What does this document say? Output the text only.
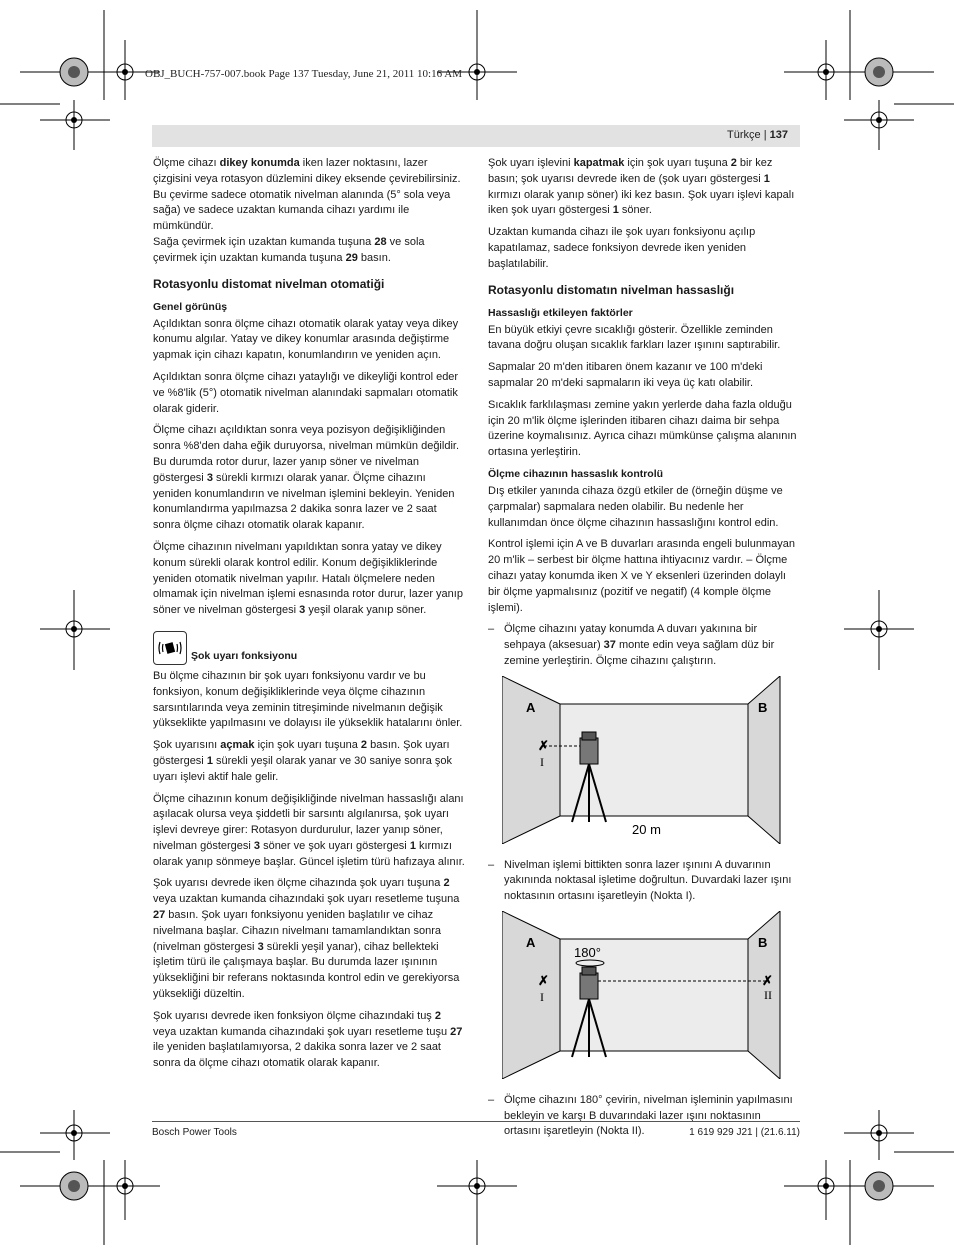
OBJ_BUCH-757-007.book Page 137 Tuesday, June 21, 2011 10:16 AM
Türkçe | 137

Ölçme cihazı dikey konumda iken lazer noktasını, lazer çizgisini veya rotasyon düzlemini dikey eksende çevirebilirsiniz. Bu çevirme sadece otomatik nivelman alanında (5° sola veya sağa) ve sadece uzaktan kumanda cihazı yardımı ile mümkündür.
Sağa çevirmek için uzaktan kumanda tuşuna 28 ve sola çevirmek için uzaktan kumanda tuşuna 29 basın.

Rotasyonlu distomat nivelman otomatiği
Genel görünüş

Açıldıktan sonra ölçme cihazı otomatik olarak yatay veya dikey konumu algılar. Yatay ve dikey konumlar arasında değiştirme yapmak için cihazı kapatın, konumlandırın ve yeniden açın.

Açıldıktan sonra ölçme cihazı yataylığı ve dikeyliği kontrol eder ve %8'lik (5°) otomatik nivelman alanındaki sapmaları otomatik olarak giderir.

Ölçme cihazı açıldıktan sonra veya pozisyon değişikliğinden sonra %8'den daha eğik duruyorsa, nivelman mümkün değildir. Bu durumda rotor durur, lazer yanıp söner ve nivelman göstergesi 3 sürekli kırmızı olarak yanar. Ölçme cihazını yeniden konumlandırın ve nivelman işlemini bekleyin. Yeniden konumlandırma yapılmazsa 2 dakika sonra lazer ve 2 saat sonra ölçme cihazı otomatik olarak kapanır.

Ölçme cihazının nivelmanı yapıldıktan sonra yatay ve dikey konum sürekli olarak kontrol edilir. Konum değişikliklerinde yeniden otomatik nivelman yapılır. Hatalı ölçmelere neden olmamak için nivelman işlemi esnasında rotor durur, lazer yanıp söner ve nivelman göstergesi 3 yeşil olarak yanıp söner.

Şok uyarı fonksiyonu

Bu ölçme cihazının bir şok uyarı fonksiyonu vardır ve bu fonksiyon, konum değişikliklerinde veya ölçme cihazının sarsıntılarında veya zeminin titreşiminde nivelmanın değişik yükseklikte yapılmasını ve dolayısı ile yükseklik hatalarını önler.

Şok uyarısını açmak için şok uyarı tuşuna 2 basın. Şok uyarı göstergesi 1 sürekli yeşil olarak yanar ve 30 saniye sonra şok uyarı işlevi aktif hale gelir.

Ölçme cihazının konum değişikliğinde nivelman hassaslığı alanı aşılacak olursa veya şiddetli bir sarsıntı algılanırsa, şok uyarı işlevi devreye girer: Rotasyon durdurulur, lazer yanıp söner, nivelman göstergesi 3 söner ve şok uyarı göstergesi 1 kırmızı olarak yanıp sönmeye başlar. Güncel işletim türü hafızaya alınır.

Şok uyarısı devrede iken ölçme cihazında şok uyarı tuşuna 2 veya uzaktan kumanda cihazındaki şok uyarı resetleme tuşuna 27 basın. Şok uyarı fonksiyonu yeniden başlatılır ve cihaz nivelmana başlar. Cihazın nivelmanı tamamlandıktan sonra (nivelman göstergesi 3 sürekli yeşil yanar), cihaz bellekteki işletim türü ile çalışmaya başlar. Bu durumda lazer ışınının yüksekliğini bir referans noktasında kontrol edin ve gerekiyorsa yüksekliği düzeltin.

Şok uyarısı devrede iken fonksiyon ölçme cihazındaki tuş 2 veya uzaktan kumanda cihazındaki şok uyarı resetleme tuşu 27 ile yeniden başlatılamıyorsa, 2 dakika sonra lazer ve 2 saat sonra da ölçme cihazı otomatik olarak kapanır.

Şok uyarı işlevini kapatmak için şok uyarı tuşuna 2 bir kez basın; şok uyarısı devrede iken de (şok uyarı göstergesi 1 kırmızı olarak yanıp söner) iki kez basın. Şok uyarı işlevi kapalı iken şok uyarı göstergesi 1 söner.

Uzaktan kumanda cihazı ile şok uyarı fonksiyonu açılıp kapatılamaz, sadece fonksiyon devrede iken yeniden başlatılabilir.

Rotasyonlu distomatın nivelman hassaslığı
Hassaslığı etkileyen faktörler

En büyük etkiyi çevre sıcaklığı gösterir. Özellikle zeminden tavana doğru oluşan sıcaklık farkları lazer ışınını saptırabilir.

Sapmalar 20 m'den itibaren önem kazanır ve 100 m'deki sapmalar 20 m'deki sapmaların iki veya üç katı olabilir.

Sıcaklık farklılaşması zemine yakın yerlerde daha fazla olduğu için 20 m'lik ölçme işlerinden itibaren cihazı daima bir sehpa üzerine koymalısınız. Ayrıca cihazı mümkünse çalışma alanının ortasına yerleştirin.

Ölçme cihazının hassaslık kontrolü

Dış etkiler yanında cihaza özgü etkiler de (örneğin düşme ve çarpmalar) sapmalara neden olabilir. Bu nedenle her kullanımdan önce ölçme cihazının hassaslığını kontrol edin.

Kontrol işlemi için A ve B duvarları arasında engeli bulunmayan 20 m'lik – serbest bir ölçme hattına ihtiyacınız vardır. – Ölçme cihazı yatay konumda iken X ve Y eksenleri üzerinden dolaylı bir ölçme yapmalısınız (pozitif ve negatif) (4 komple ölçme işlemi).

– Ölçme cihazını yatay konumda A duvarı yakınına bir sehpaya (aksesuar) 37 monte edin veya sağlam düz bir zemine yerleştirin. Ölçme cihazını çalıştırın.
A	B
✗
I
20 m
– Nivelman işlemi bittikten sonra lazer ışınını A duvarının yakınında noktasal işletime doğrultun. Duvardaki lazer ışını noktasının ortasını işaretleyin (Nokta I).
A	B
180°
✗	✗
I	II
– Ölçme cihazını 180° çevirin, nivelman işleminin yapılmasını bekleyin ve karşı B duvarındaki lazer ışını noktasının ortasını işaretleyin (Nokta II).
Bosch Power Tools	1 619 929 J21 | (21.6.11)
